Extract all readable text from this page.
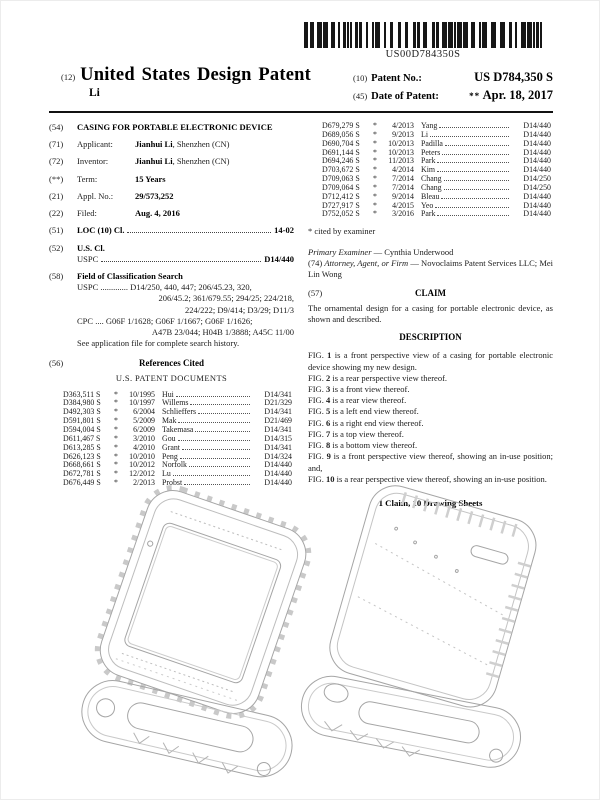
US00D784350S
(12) United States Design Patent
Li
(10) Patent No.:	US D784,350 S
(45) Date of Patent:	** Apr. 18, 2017
(54)	CASING FOR PORTABLE ELECTRONIC DEVICE
(71)	Applicant:	Jianhui Li, Shenzhen (CN)
(72)	Inventor:	Jianhui Li, Shenzhen (CN)
(**)	Term:	15 Years
(21)	Appl. No.:	29/573,252
(22)	Filed:	Aug. 4, 2016
(51)	LOC (10) Cl.	14-02
(52)	U.S. Cl.
USPC	D14/440
(58)	Field of Classification Search
USPC ............. D14/250, 440, 447; 206/45.23, 320,
206/45.2; 361/679.55; 294/25; 224/218,
224/222; D9/414; D3/29; D11/3
CPC .... G06F 1/1628; G06F 1/1667; G06F 1/1626;
A47B 23/044; H04B 1/3888; A45C 11/00
See application file for complete search history.
(56)	References Cited
U.S. PATENT DOCUMENTS
D363,511 S	*	10/1995 Hui	D14/341
D384,980 S	*	10/1997 Willems	D21/329
D492,303 S	*	6/2004 Schlieffers	D14/341
D591,801 S	*	5/2009 Mak	D21/469
D594,004 S	*	6/2009 Takemasa	D14/341
D611,467 S	*	3/2010 Gou	D14/315
D613,285 S	*	4/2010 Grant	D14/341
D626,123 S	*	10/2010 Peng	D14/324
D668,661 S	*	10/2012 Norfolk	D14/440
D672,781 S	*	12/2012 Lu	D14/440
D676,449 S	*	2/2013 Probst	D14/440
D679,279 S	*	4/2013 Yang	D14/440
D689,056 S	*	9/2013 Li	D14/440
D690,704 S	*	10/2013 Padilla	D14/440
D691,144 S	*	10/2013 Peters	D14/440
D694,246 S	*	11/2013 Park	D14/440
D703,672 S	*	4/2014 Kim	D14/440
D709,063 S	*	7/2014 Chang	D14/250
D709,064 S	*	7/2014 Chang	D14/250
D712,412 S	*	9/2014 Bleau	D14/440
D727,917 S	*	4/2015 Yeo	D14/440
D752,052 S	*	3/2016 Park	D14/440
* cited by examiner
Primary Examiner — Cynthia Underwood
(74) Attorney, Agent, or Firm — Novoclaims Patent Services LLC; Mei Lin Wong
(57)	CLAIM
The ornamental design for a casing for portable electronic device, as shown and described.
DESCRIPTION

FIG. 1 is a front perspective view of a casing for portable electronic device showing my new design.

FIG. 2 is a rear perspective view thereof.

FIG. 3 is a front view thereof.

FIG. 4 is a rear view thereof.

FIG. 5 is a left end view thereof.

FIG. 6 is a right end view thereof.

FIG. 7 is a top view thereof.

FIG. 8 is a bottom view thereof.

FIG. 9 is a front perspective view thereof, showing an in-use position; and,

FIG. 10 is a rear perspective view thereof, showing an in-use position.

1 Claim, 10 Drawing Sheets
